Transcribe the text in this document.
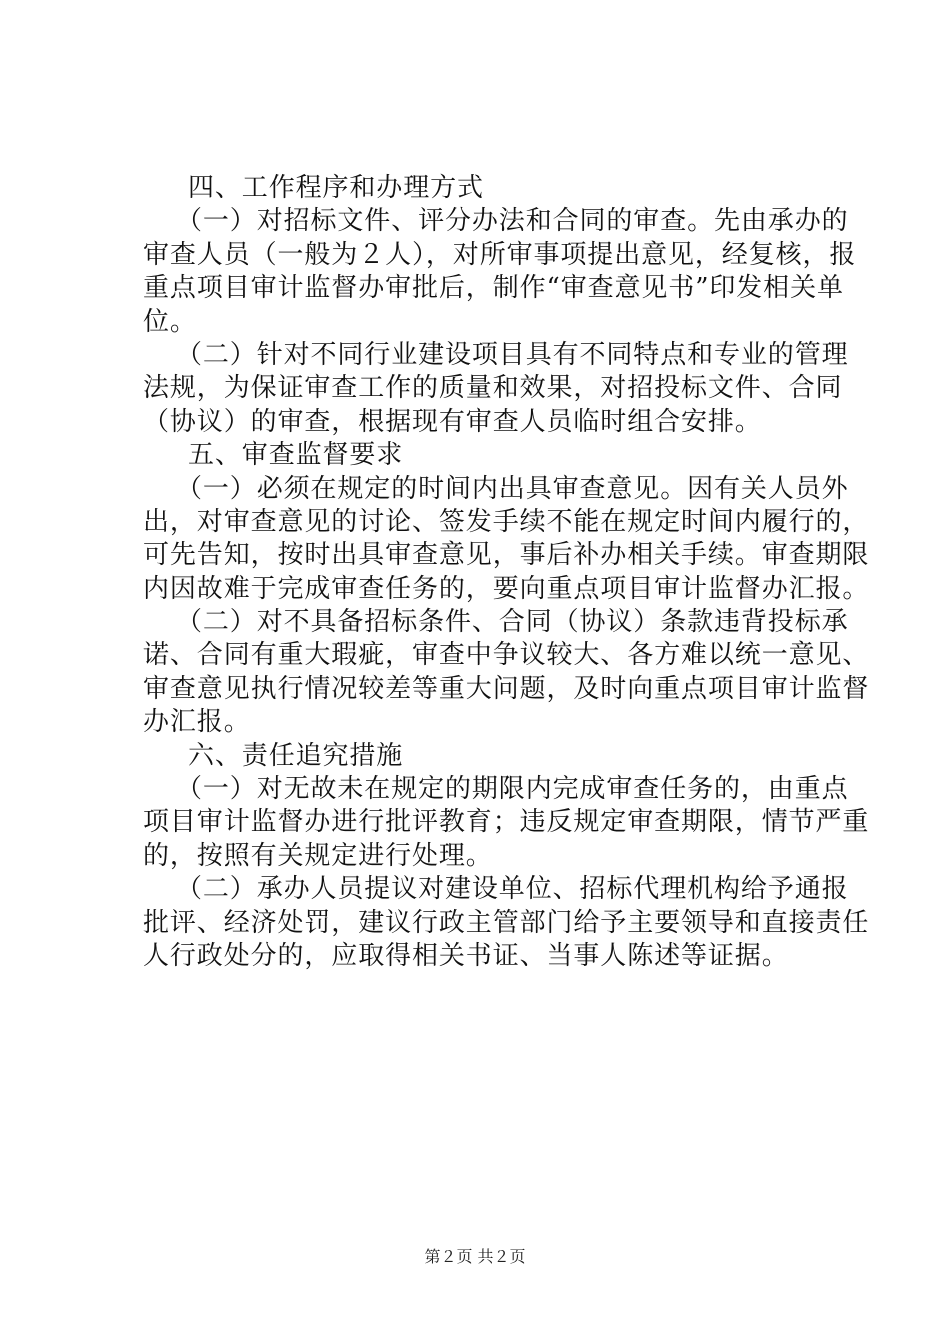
四、工作程序和办理方式
（一）对招标文件、评分办法和合同的审查。先由承办的
审查人员（一般为２人），对所审事项提出意见，经复核，报
重点项目审计监督办审批后，制作“审查意见书”印发相关单
位。
（二）针对不同行业建设项目具有不同特点和专业的管理
法规，为保证审查工作的质量和效果，对招投标文件、合同
（协议）的审查，根据现有审查人员临时组合安排。
五、审查监督要求
（一）必须在规定的时间内出具审查意见。因有关人员外
出，对审查意见的讨论、签发手续不能在规定时间内履行的，
可先告知，按时出具审查意见，事后补办相关手续。审查期限
内因故难于完成审查任务的，要向重点项目审计监督办汇报。
（二）对不具备招标条件、合同（协议）条款违背投标承
诺、合同有重大瑕疵，审查中争议较大、各方难以统一意见、
审查意见执行情况较差等重大问题，及时向重点项目审计监督
办汇报。
六、责任追究措施
（一）对无故未在规定的期限内完成审查任务的，由重点
项目审计监督办进行批评教育；违反规定审查期限，情节严重
的，按照有关规定进行处理。
（二）承办人员提议对建设单位、招标代理机构给予通报
批评、经济处罚，建议行政主管部门给予主要领导和直接责任
人行政处分的，应取得相关书证、当事人陈述等证据。
第２页 共２页
